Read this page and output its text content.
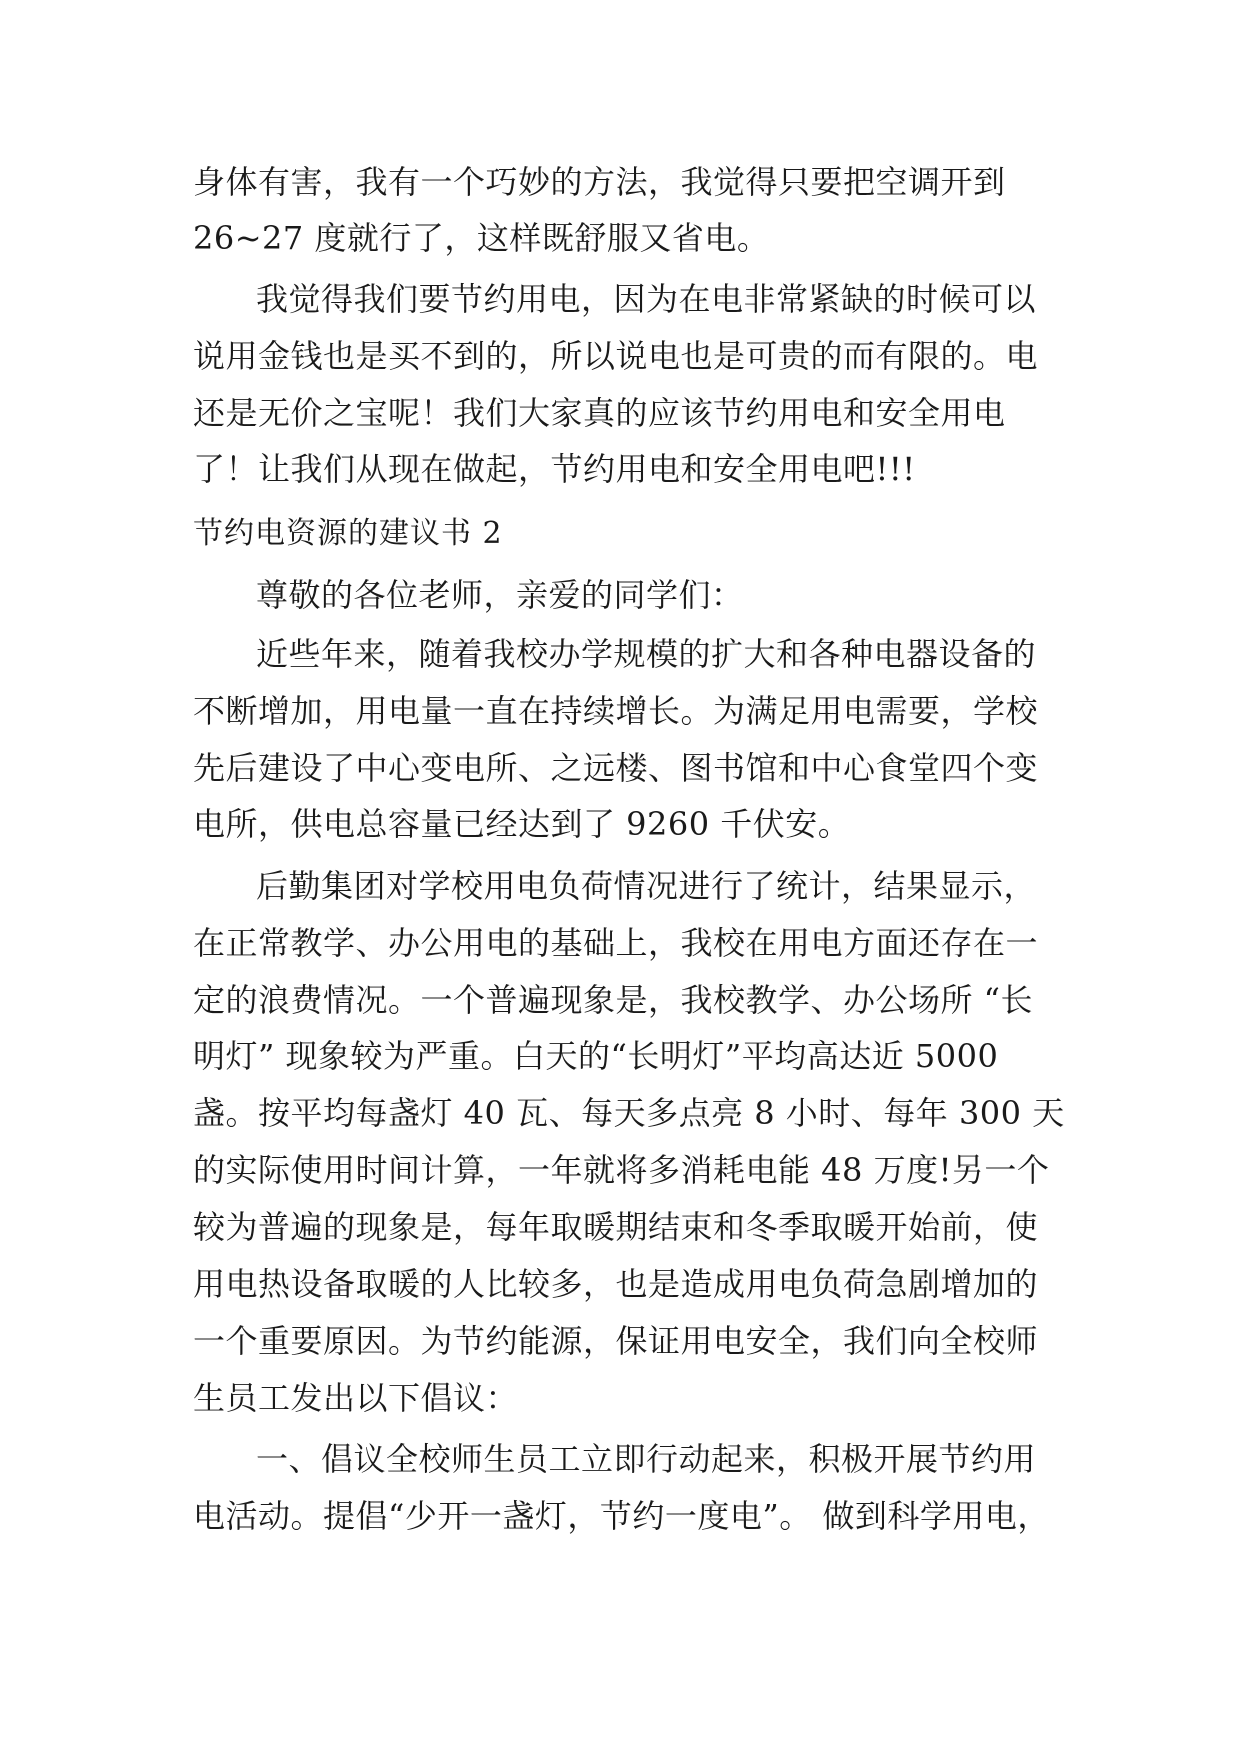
身体有害，我有一个巧妙的方法，我觉得只要把空调开到
26~27 度就行了，这样既舒服又省电。
我觉得我们要节约用电，因为在电非常紧缺的时候可以
说用金钱也是买不到的，所以说电也是可贵的而有限的。电
还是无价之宝呢！我们大家真的应该节约用电和安全用电
了！让我们从现在做起，节约用电和安全用电吧!!!
节约电资源的建议书 2
尊敬的各位老师，亲爱的同学们：
近些年来，随着我校办学规模的扩大和各种电器设备的
不断增加，用电量一直在持续增长。为满足用电需要，学校
先后建设了中心变电所、之远楼、图书馆和中心食堂四个变
电所，供电总容量已经达到了 9260 千伏安。
后勤集团对学校用电负荷情况进行了统计，结果显示，
在正常教学、办公用电的基础上，我校在用电方面还存在一
定的浪费情况。一个普遍现象是，我校教学、办公场所 “长
明灯” 现象较为严重。白天的“长明灯”平均高达近 5000
盏。按平均每盏灯 40 瓦、每天多点亮 8 小时、每年 300 天
的实际使用时间计算，一年就将多消耗电能 48 万度!另一个
较为普遍的现象是，每年取暖期结束和冬季取暖开始前，使
用电热设备取暖的人比较多，也是造成用电负荷急剧增加的
一个重要原因。为节约能源，保证用电安全，我们向全校师
生员工发出以下倡议：
一、倡议全校师生员工立即行动起来，积极开展节约用
电活动。提倡“少开一盏灯，节约一度电”。 做到科学用电，
